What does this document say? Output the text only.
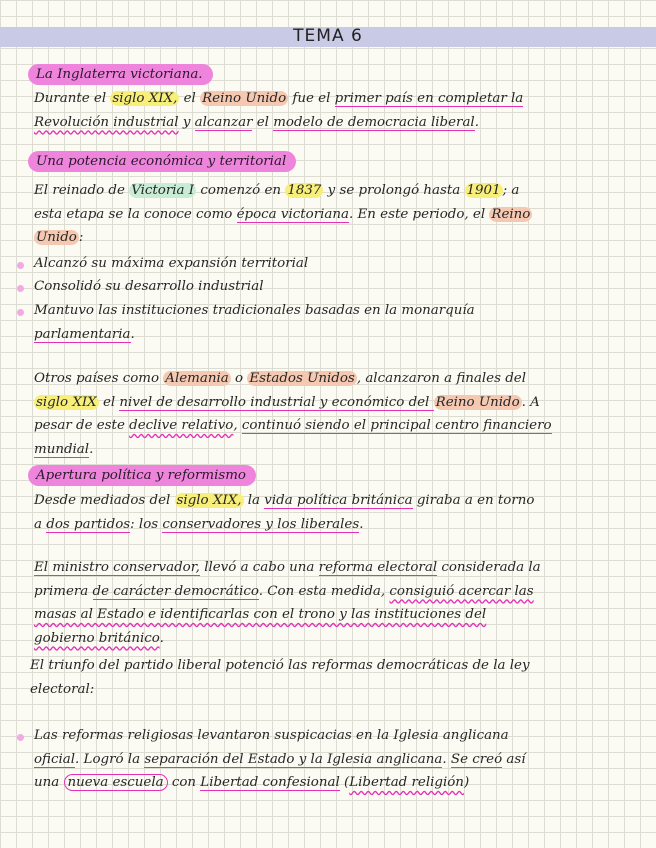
TEMA 6
La Inglaterra victoriana.
Durante el siglo XIX, el Reino Unido fue el primer país en completar la
Revolución industrial y alcanzar el modelo de democracia liberal.
Una potencia económica y territorial
El reinado de Victoria I comenzó en 1837 y se prolongó hasta 1901 ; a
esta etapa se la conoce como época victoriana. En este periodo, el Reino
Unido :
Alcanzó su máxima expansión territorial
Consolidó su desarrollo industrial
Mantuvo las instituciones tradicionales basadas en la monarquía
parlamentaria.
Otros países como Alemania o Estados Unidos , alcanzaron a finales del
siglo XIX el nivel de desarrollo industrial y económico del Reino Unido . A
pesar de este declive relativo, continuó siendo el principal centro financiero
mundial.
Apertura política y reformismo
Desde mediados del siglo XIX, la vida política británica giraba a en torno
a dos partidos: los conservadores y los liberales.
El ministro conservador, llevó a cabo una reforma electoral considerada la
primera de carácter democrático. Con esta medida, consiguió acercar las
masas al Estado e identificarlas con el trono y las instituciones del
gobierno británico.
El triunfo del partido liberal potenció las reformas democráticas de la ley
electoral:
Las reformas religiosas levantaron suspicacias en la Iglesia anglicana
oficial. Logró la separación del Estado y la Iglesia anglicana. Se creó así
una nueva escuela con Libertad confesional (Libertad religión)
